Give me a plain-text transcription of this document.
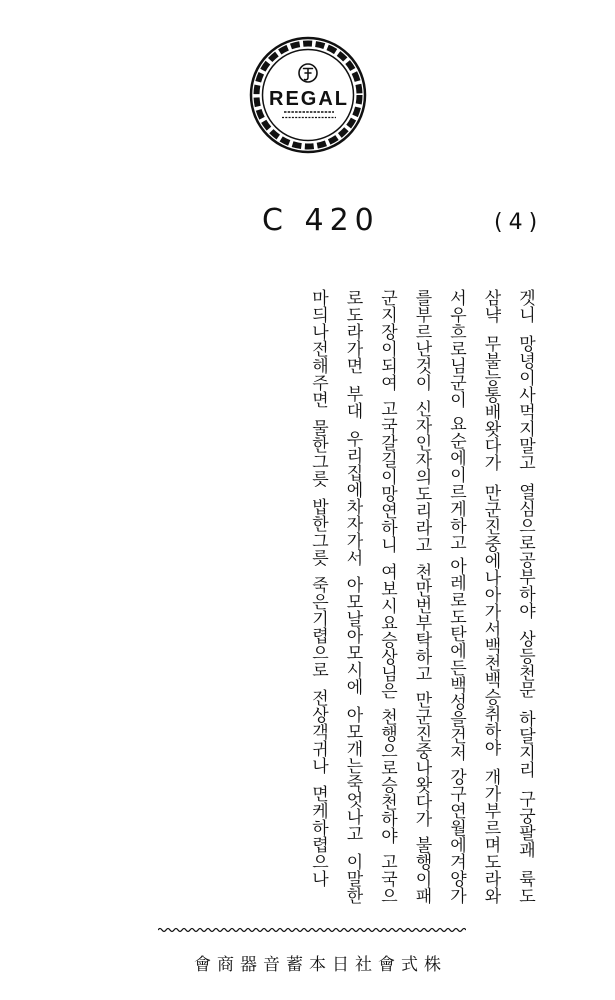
REGAL
C 420	(4)
겟니
망녕이사먹지말고
열심으로공부하야
상등천문
하달지리
구궁팔괘
륙도
삼냑
무불능통배왓다가
만군진중에나아가서백천백승취하야
개가부르며도라와
서우흐로님군이
요순에이르게하고
아레로도탄에든백성을건저
강구연월에겨양가
를부르난것이
신자인자의도리라고
천만번부탁하고
만군진중나왓다가
불행이패
군지장이되여
고국갈길이망연하니
여보시요승상님은
천행으로승천하야
고국으
로도라가면
부대
우리집에차자가서
아모날아모시에
아모개는죽엇나고
이말한
마듸나전해주면
물한그릇
밥한그릇
죽은기렵으로
전상객귀나
면케하렵으나
會商器音蓄本日社會式株
